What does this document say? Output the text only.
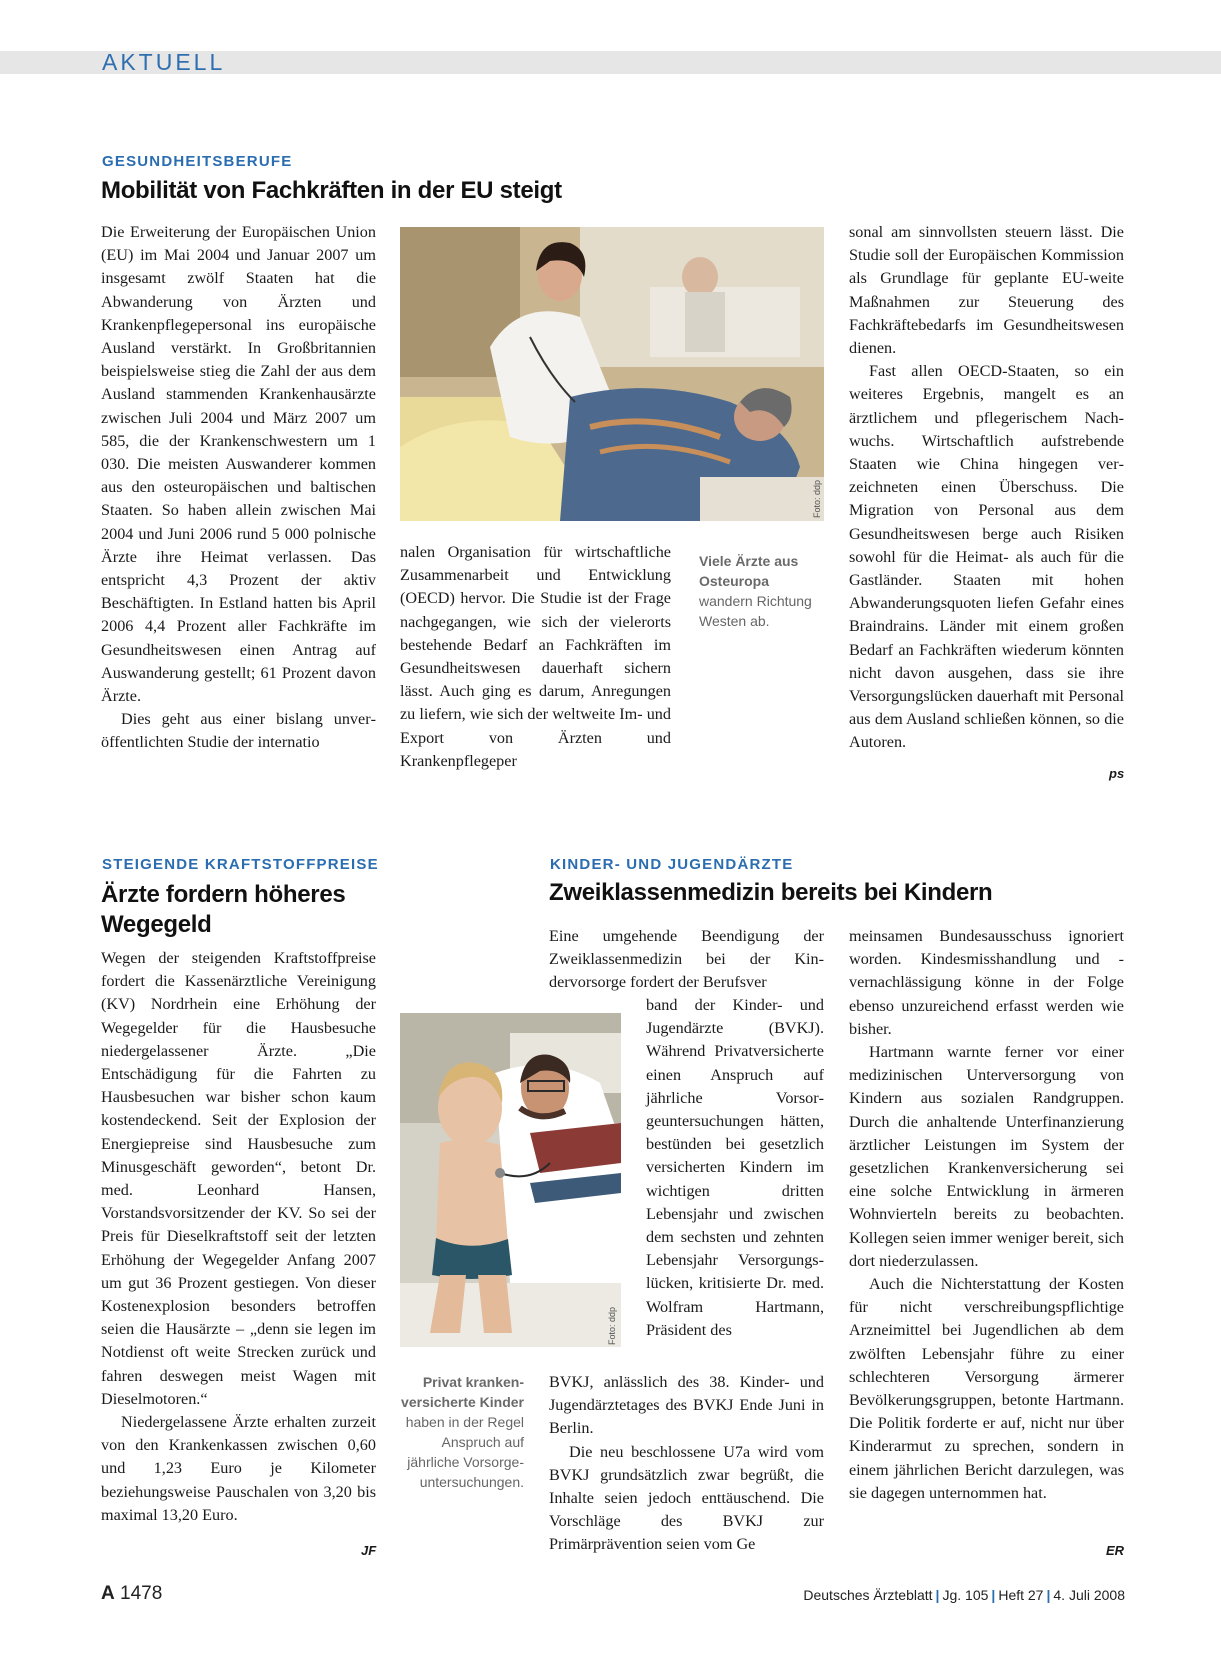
AKTUELL
GESUNDHEITSBERUFE
Mobilität von Fachkräften in der EU steigt

Die Erweiterung der Europäischen Union (EU) im Mai 2004 und Januar 2007 um insgesamt zwölf Staaten hat die Abwanderung von Ärzten und Krankenpflegepersonal ins europäische Ausland verstärkt. In Großbritannien beispielsweise stieg die Zahl der aus dem Ausland stammenden Krankenhausärzte zwischen Juli 2004 und März 2007 um 585, die der Krankenschwestern um 1 030. Die meisten Auswanderer kommen aus den osteuropäischen und baltischen Staaten. So haben allein zwischen Mai 2004 und Juni 2006 rund 5 000 polnische Ärzte ihre Heimat verlassen. Das entspricht 4,3 Prozent der aktiv Beschäftigten. In Estland hatten bis April 2006 4,4 Prozent aller Fachkräfte im Gesundheitswesen einen Antrag auf Auswanderung gestellt; 61 Prozent davon Ärzte.

Dies geht aus einer bislang unveröffentlichten Studie der internatio

Foto: ddp

nalen Organisation für wirtschaftliche Zusammenarbeit und Entwicklung (OECD) hervor. Die Studie ist der Frage nachgegangen, wie sich der vielerorts bestehende Bedarf an Fachkräften im Gesundheitswesen dauerhaft sichern lässt. Auch ging es darum, Anregungen zu liefern, wie sich der weltweite Im- und Export von Ärzten und Krankenpflegeper

Viele Ärzte aus Osteuropa wandern Richtung Westen ab.

sonal am sinnvollsten steuern lässt. Die Studie soll der Europäischen Kommission als Grundlage für geplante EU-weite Maßnahmen zur Steuerung des Fachkräftebedarfs im Gesundheitswesen dienen.

Fast allen OECD-Staaten, so ein weiteres Ergebnis, mangelt es an ärztlichem und pflegerischem Nachwuchs. Wirtschaftlich aufstrebende Staaten wie China hingegen verzeichneten einen Überschuss. Die Migration von Personal aus dem Gesundheitswesen berge auch Risiken sowohl für die Heimat- als auch für die Gastländer. Staaten mit hohen Abwanderungsquoten liefen Gefahr eines Braindrains. Länder mit einem großen Bedarf an Fachkräften wiederum könnten nicht davon ausgehen, dass sie ihre Versorgungslücken dauerhaft mit Personal aus dem Ausland schließen können, so die Autoren.

ps
STEIGENDE KRAFTSTOFFPREISE
Ärzte fordern höheres Wegegeld

Wegen der steigenden Kraftstoffpreise fordert die Kassenärztliche Vereinigung (KV) Nordrhein eine Erhöhung der Wegegelder für die Hausbesuche niedergelassener Ärzte. „Die Entschädigung für die Fahrten zu Hausbesuchen war bisher schon kaum kostendeckend. Seit der Explosion der Energiepreise sind Hausbesuche zum Minusgeschäft geworden“, betont Dr. med. Leonhard Hansen, Vorstandsvorsitzender der KV. So sei der Preis für Dieselkraftstoff seit der letzten Erhöhung der Wegegelder Anfang 2007 um gut 36 Prozent gestiegen. Von dieser Kostenexplosion besonders betroffen seien die Hausärzte – „denn sie legen im Notdienst oft weite Strecken zurück und fahren deswegen meist Wagen mit Dieselmotoren.“

Niedergelassene Ärzte erhalten zurzeit von den Krankenkassen zwischen 0,60 und 1,23 Euro je Kilometer beziehungsweise Pauschalen von 3,20 bis maximal 13,20 Euro.

JF
KINDER- UND JUGENDÄRZTE
Zweiklassenmedizin bereits bei Kindern
Foto: ddp
Privat krankenversicherte Kinder haben in der Regel Anspruch auf jährliche Vorsorgeuntersuchungen.

Eine umgehende Beendigung der Zweiklassenmedizin bei der Kindervorsorge fordert der Berufsver

band der Kinder- und Jugendärzte (BVKJ). Während Privatversicherte einen Anspruch auf jährliche Vorsorgeuntersuchungen hätten, bestünden bei gesetzlich versicherten Kindern im wichtigen dritten Lebensjahr und zwischen dem sechsten und zehnten Lebensjahr Versorgungslücken, kritisierte Dr. med. Wolfram Hartmann, Präsident des

BVKJ, anlässlich des 38. Kinder- und Jugendärztetages des BVKJ Ende Juni in Berlin.

Die neu beschlossene U7a wird vom BVKJ grundsätzlich zwar begrüßt, die Inhalte seien jedoch enttäuschend. Die Vorschläge des BVKJ zur Primärprävention seien vom Ge

meinsamen Bundesausschuss ignoriert worden. Kindesmisshandlung und -vernachlässigung könne in der Folge ebenso unzureichend erfasst werden wie bisher.

Hartmann warnte ferner vor einer medizinischen Unterversorgung von Kindern aus sozialen Randgruppen. Durch die anhaltende Unterfinanzierung ärztlicher Leistungen im System der gesetzlichen Krankenversicherung sei eine solche Entwicklung in ärmeren Wohnvierteln bereits zu beobachten. Kollegen seien immer weniger bereit, sich dort niederzulassen.

Auch die Nichterstattung der Kosten für nicht verschreibungspflichtige Arzneimittel bei Jugendlichen ab dem zwölften Lebensjahr führe zu einer schlechteren Versorgung ärmerer Bevölkerungsgruppen, betonte Hartmann. Die Politik forderte er auf, nicht nur über Kinderarmut zu sprechen, sondern in einem jährlichen Bericht darzulegen, was sie dagegen unternommen hat.

ER
A 1478	Deutsches Ärzteblatt | Jg. 105 | Heft 27 | 4. Juli 2008
